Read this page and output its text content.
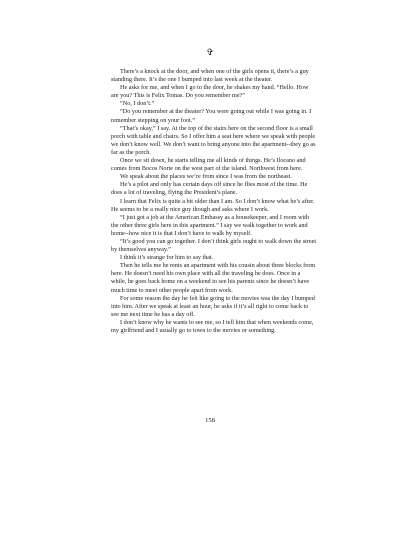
✞

There’s a knock at the door, and when one of the girls opens it, there’s a guy standing there. It’s the one I bumped into last week at the theater.

He asks for me, and when I go to the door, he shakes my hand. “Hello. How are you? This is Felix Tomas. Do you remember me?”

“No, I don’t.”

“Do you remember at the theater? You were going out while I was going in. I remember stepping on your foot.”

“That’s okay,” I say. At the top of the stairs here on the second floor is a small porch with table and chairs. So I offer him a seat here where we speak with people we don’t know well. We don’t want to bring anyone into the apartment--they go as far as the porch.

Once we sit down, he starts telling me all kinds of things. He’s Ilocano and comes from Bocos Norte on the west part of the island. Northwest from here.

We speak about the places we’re from since I was from the northeast.

He’s a pilot and only has certain days off since he flies most of the time. He does a lot of traveling, flying the President’s plane.

I learn that Felix is quite a bit older than I am. So I don’t know what he’s after. He seems to be a really nice guy though and asks where I work.

“I just got a job at the American Embassy as a housekeeper, and I room with the other three girls here in this apartment.” I say we walk together to work and home--how nice it is that I don’t have to walk by myself.

“It’s good you can go together. I don’t think girls ought to walk down the street by themselves anyway.”

I think it’s strange for him to say that.

Then he tells me he rents an apartment with his cousin about three blocks from here. He doesn’t need his own place with all the traveling he does. Once in a while, he goes back home on a weekend to see his parents since he doesn’t have much time to meet other people apart from work.

For some reason the day he felt like going to the movies was the day I bumped into him. After we speak at least an hour, he asks if it’s all right to come back to see me next time he has a day off.

I don’t know why he wants to see me, so I tell him that when weekends come, my girlfriend and I usually go to town to the movies or something.

158
